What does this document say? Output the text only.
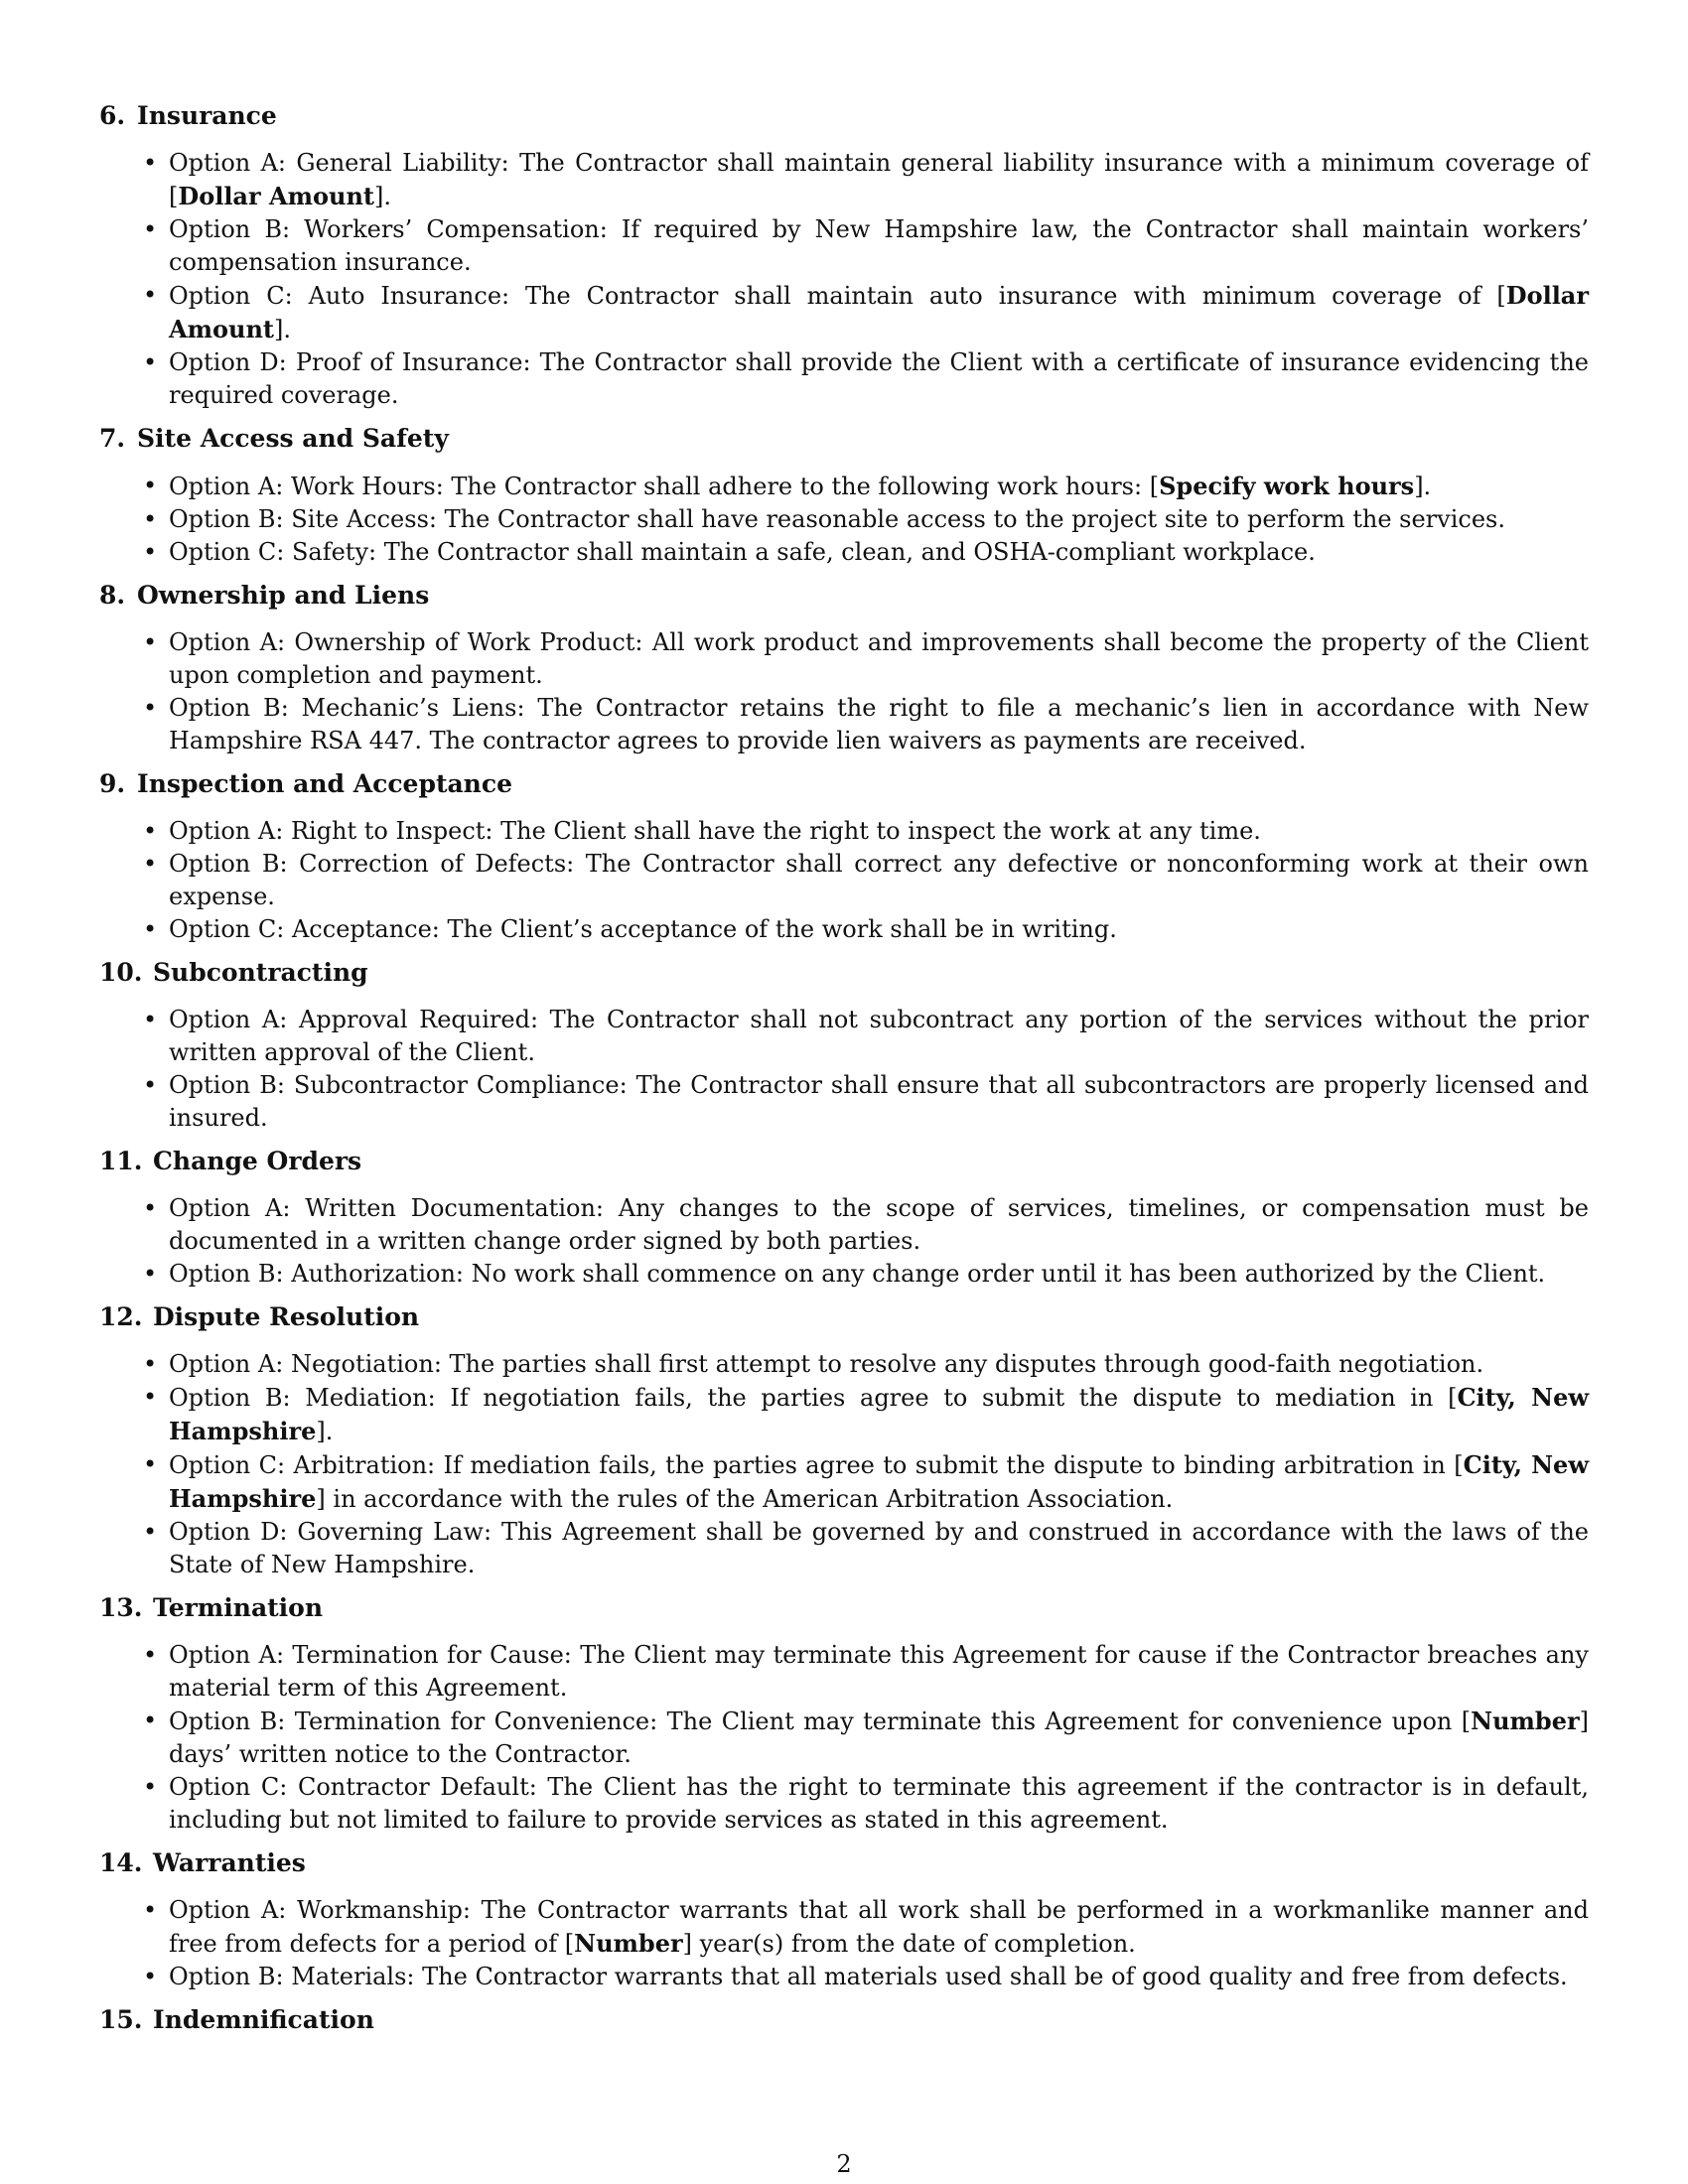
6. Insurance
• Option A: General Liability: The Contractor shall maintain general liability insurance with a minimum coverage of [Dollar Amount].
• Option B: Workers’ Compensation: If required by New Hampshire law, the Contractor shall maintain workers’ compensation insurance.
• Option C: Auto Insurance: The Contractor shall maintain auto insurance with minimum coverage of [Dollar Amount].
• Option D: Proof of Insurance: The Contractor shall provide the Client with a certificate of insurance evidencing the required coverage.
7. Site Access and Safety
• Option A: Work Hours: The Contractor shall adhere to the following work hours: [Specify work hours].
• Option B: Site Access: The Contractor shall have reasonable access to the project site to perform the services.
• Option C: Safety: The Contractor shall maintain a safe, clean, and OSHA-compliant workplace.
8. Ownership and Liens
• Option A: Ownership of Work Product: All work product and improvements shall become the property of the Client upon completion and payment.
• Option B: Mechanic’s Liens: The Contractor retains the right to file a mechanic’s lien in accordance with New Hampshire RSA 447. The contractor agrees to provide lien waivers as payments are received.
9. Inspection and Acceptance
• Option A: Right to Inspect: The Client shall have the right to inspect the work at any time.
• Option B: Correction of Defects: The Contractor shall correct any defective or nonconforming work at their own expense.
• Option C: Acceptance: The Client’s acceptance of the work shall be in writing.
10. Subcontracting
• Option A: Approval Required: The Contractor shall not subcontract any portion of the services without the prior written approval of the Client.
• Option B: Subcontractor Compliance: The Contractor shall ensure that all subcontractors are properly licensed and insured.
11. Change Orders
• Option A: Written Documentation: Any changes to the scope of services, timelines, or compensation must be documented in a written change order signed by both parties.
• Option B: Authorization: No work shall commence on any change order until it has been authorized by the Client.
12. Dispute Resolution
• Option A: Negotiation: The parties shall first attempt to resolve any disputes through good-faith negotiation.
• Option B: Mediation: If negotiation fails, the parties agree to submit the dispute to mediation in [City, New Hampshire].
• Option C: Arbitration: If mediation fails, the parties agree to submit the dispute to binding arbitration in [City, New Hampshire] in accordance with the rules of the American Arbitration Association.
• Option D: Governing Law: This Agreement shall be governed by and construed in accordance with the laws of the State of New Hampshire.
13. Termination
• Option A: Termination for Cause: The Client may terminate this Agreement for cause if the Contractor breaches any material term of this Agreement.
• Option B: Termination for Convenience: The Client may terminate this Agreement for convenience upon [Number] days’ written notice to the Contractor.
• Option C: Contractor Default: The Client has the right to terminate this agreement if the contractor is in default, including but not limited to failure to provide services as stated in this agreement.
14. Warranties
• Option A: Workmanship: The Contractor warrants that all work shall be performed in a workmanlike manner and free from defects for a period of [Number] year(s) from the date of completion.
• Option B: Materials: The Contractor warrants that all materials used shall be of good quality and free from defects.
15. Indemnification
2
